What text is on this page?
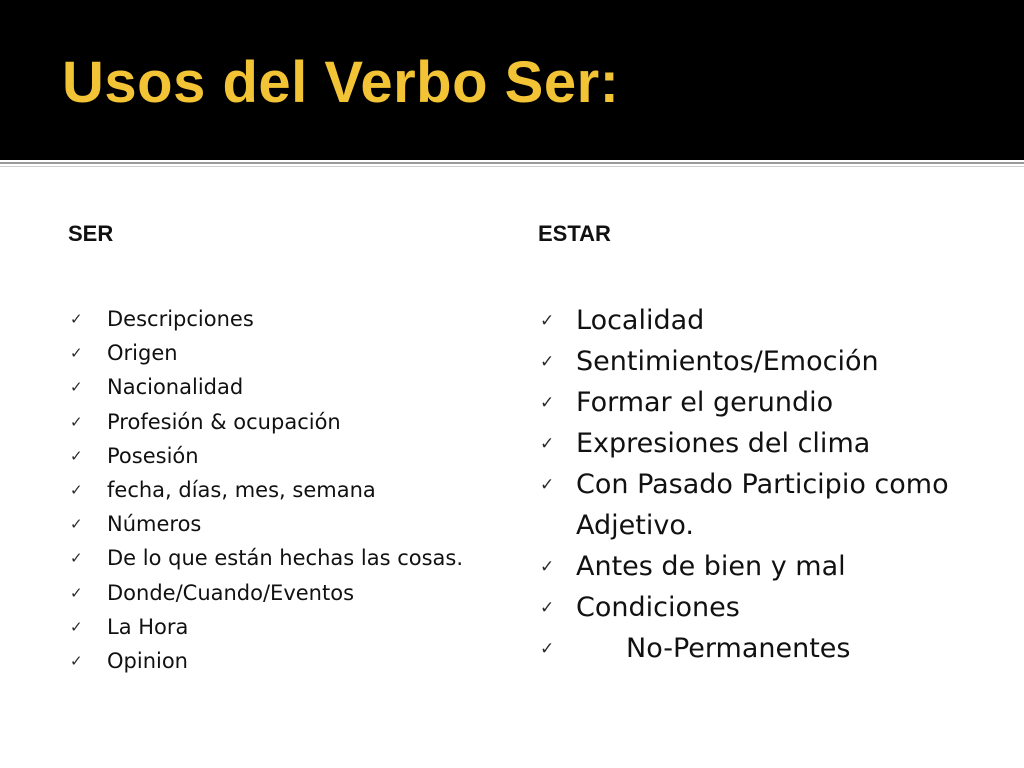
Usos del Verbo Ser:
SER
✓ Descripciones
✓ Origen
✓ Nacionalidad
✓ Profesión & ocupación
✓ Posesión
✓ fecha, días, mes, semana
✓ Números
✓ De lo que están hechas las cosas.
✓ Donde/Cuando/Eventos
✓ La Hora
✓ Opinion
ESTAR
✓ Localidad
✓ Sentimientos/Emoción
✓ Formar el gerundio
✓ Expresiones del clima
✓ Con Pasado Participio como Adjetivo.
✓ Antes de bien y mal
✓ Condiciones
✓	No-Permanentes
